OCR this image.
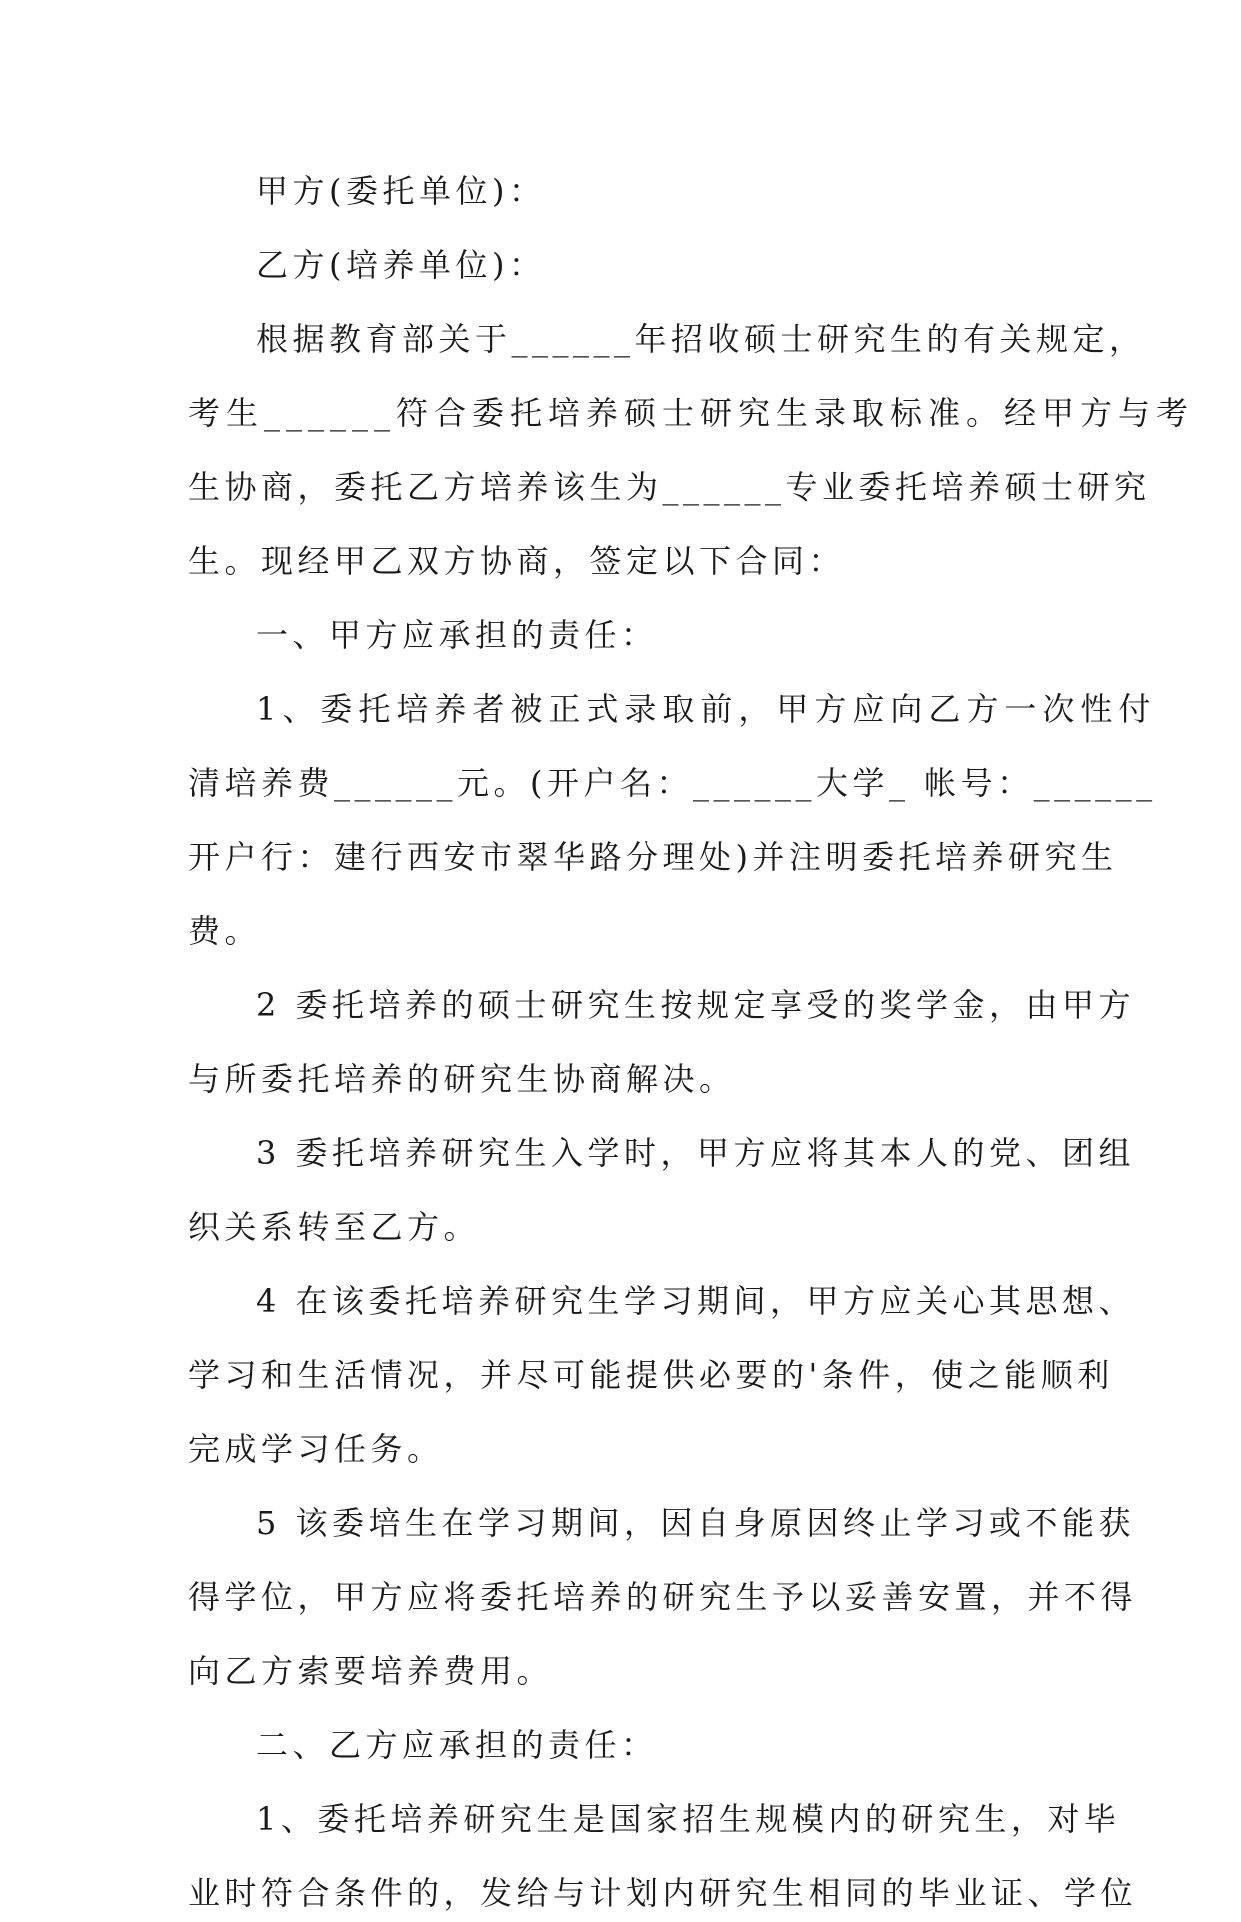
甲方(委托单位)：
乙方(培养单位)：
根据教育部关于______年招收硕士研究生的有关规定，
考生______符合委托培养硕士研究生录取标准。经甲方与考
生协商，委托乙方培养该生为______专业委托培养硕士研究
生。现经甲乙双方协商，签定以下合同：
一、甲方应承担的责任：
1、委托培养者被正式录取前，甲方应向乙方一次性付
清培养费______元。(开户名：______大学_ 帐号：______
开户行：建行西安市翠华路分理处)并注明委托培养研究生
费。
2 委托培养的硕士研究生按规定享受的奖学金，由甲方
与所委托培养的研究生协商解决。
3 委托培养研究生入学时，甲方应将其本人的党、团组
织关系转至乙方。
4 在该委托培养研究生学习期间，甲方应关心其思想、
学习和生活情况，并尽可能提供必要的'条件，使之能顺利
完成学习任务。
5 该委培生在学习期间，因自身原因终止学习或不能获
得学位，甲方应将委托培养的研究生予以妥善安置，并不得
向乙方索要培养费用。
二、乙方应承担的责任：
1、委托培养研究生是国家招生规模内的研究生，对毕
业时符合条件的，发给与计划内研究生相同的毕业证、学位
